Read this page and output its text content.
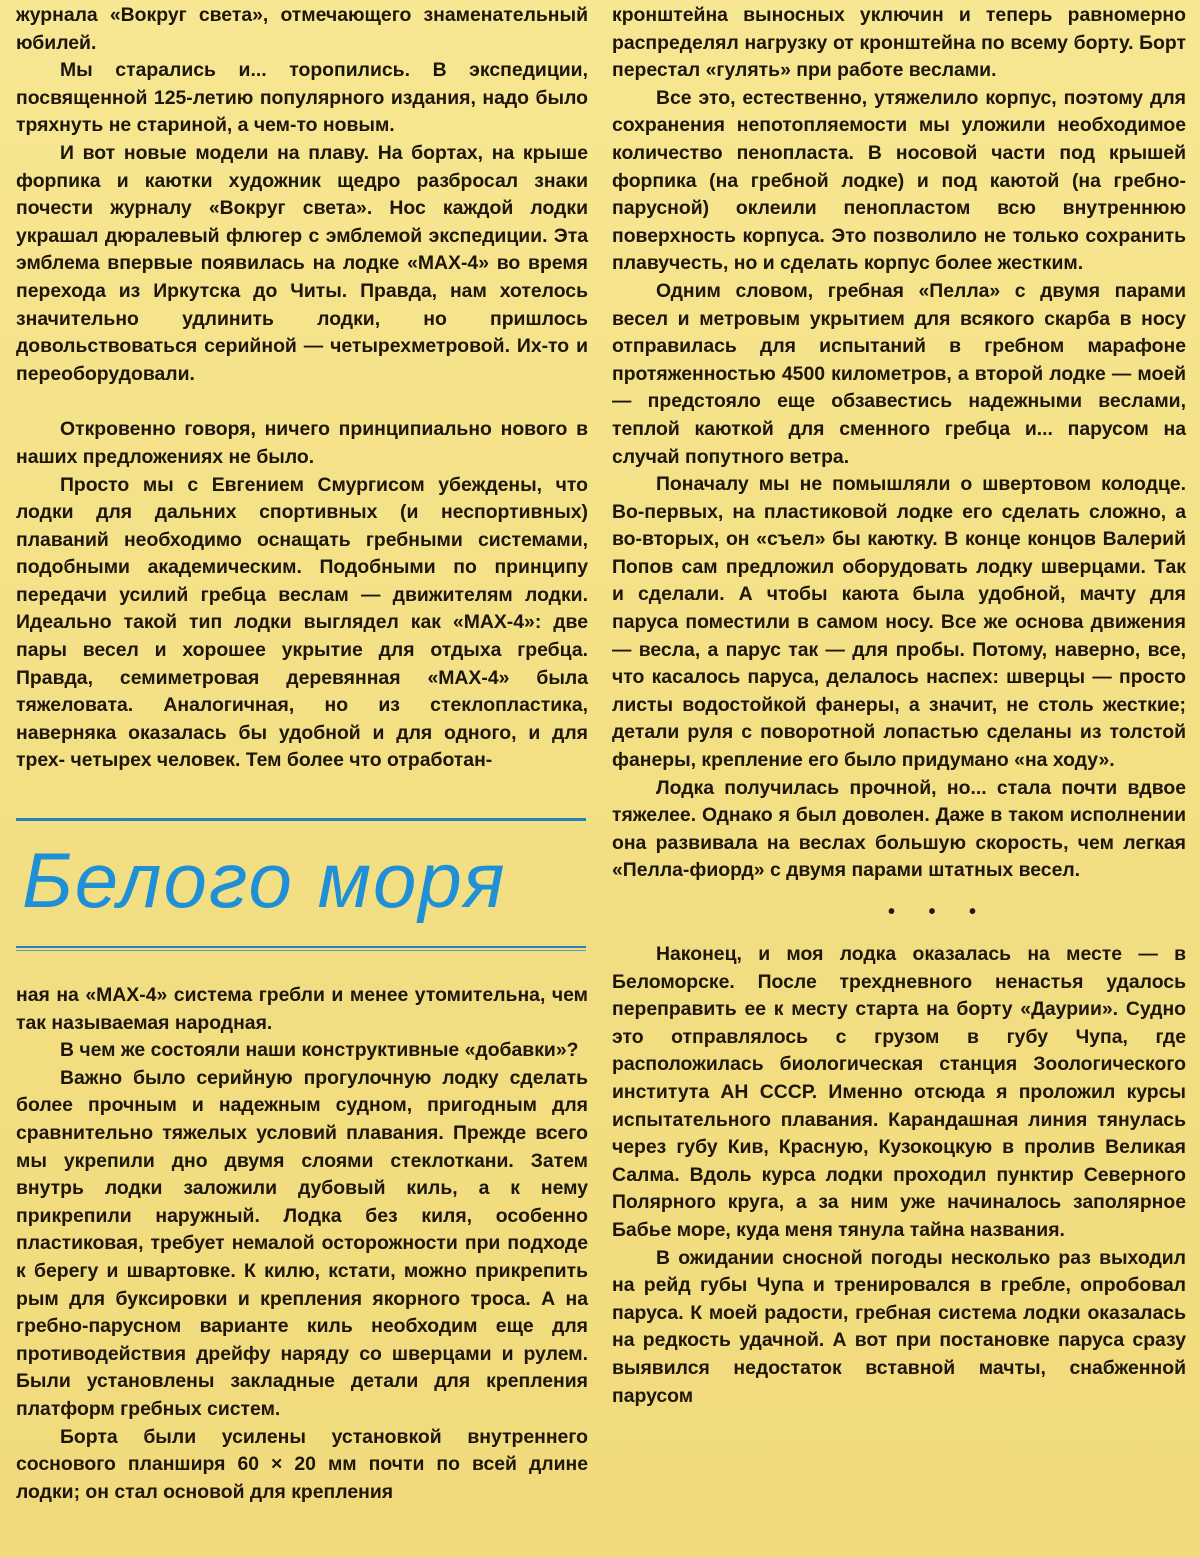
журнала «Вокруг света», отмечающего знаменательный юбилей.

Мы старались и... торопились. В экспедиции, посвященной 125-летию популярного издания, надо было тряхнуть не стариной, а чем-то новым.

И вот новые модели на плаву. На бортах, на крыше форпика и каютки художник щедро разбросал знаки почести журналу «Вокруг света». Нос каждой лодки украшал дюралевый флюгер с эмблемой экспедиции. Эта эмблема впервые появилась на лодке «МАХ-4» во время перехода из Иркутска до Читы. Правда, нам хотелось значительно удлинить лодки, но пришлось довольствоваться серийной — четырехметровой. Их-то и переоборудовали.

Откровенно говоря, ничего принципиально нового в наших предложениях не было.

Просто мы с Евгением Смургисом убеждены, что лодки для дальних спортивных (и неспортивных) плаваний необходимо оснащать гребными системами, подобными академическим. Подобными по принципу передачи усилий гребца веслам — движителям лодки. Идеально такой тип лодки выглядел как «МАХ-4»: две пары весел и хорошее укрытие для отдыха гребца. Правда, семиметровая деревянная «МАХ-4» была тяжеловата. Аналогичная, но из стеклопластика, наверняка оказалась бы удобной и для одного, и для трех- четырех человек. Тем более что отработан-

Белого моря

ная на «МАХ-4» система гребли и менее утомительна, чем так называемая народная.

В чем же состояли наши конструктивные «добавки»?

Важно было серийную прогулочную лодку сделать более прочным и надежным судном, пригодным для сравнительно тяжелых условий плавания. Прежде всего мы укрепили дно двумя слоями стеклоткани. Затем внутрь лодки заложили дубовый киль, а к нему прикрепили наружный. Лодка без киля, особенно пластиковая, требует немалой осторожности при подходе к берегу и швартовке. К килю, кстати, можно прикрепить рым для буксировки и крепления якорного троса. А на гребно-парусном варианте киль необходим еще для противодействия дрейфу наряду со шверцами и рулем. Были установлены закладные детали для крепления платформ гребных систем.

Борта были усилены установкой внутреннего соснового планширя 60 × 20 мм почти по всей длине лодки; он стал основой для крепления

кронштейна выносных уключин и теперь равномерно распределял нагрузку от кронштейна по всему борту. Борт перестал «гулять» при работе веслами.

Все это, естественно, утяжелило корпус, поэтому для сохранения непотопляемости мы уложили необходимое количество пенопласта. В носовой части под крышей форпика (на гребной лодке) и под каютой (на гребно-парусной) оклеили пенопластом всю внутреннюю поверхность корпуса. Это позволило не только сохранить плавучесть, но и сделать корпус более жестким.

Одним словом, гребная «Пелла» с двумя парами весел и метровым укрытием для всякого скарба в носу отправилась для испытаний в гребном марафоне протяженностью 4500 километров, а второй лодке — моей — предстояло еще обзавестись надежными веслами, теплой каюткой для сменного гребца и... парусом на случай попутного ветра.

Поначалу мы не помышляли о швертовом колодце. Во-первых, на пластиковой лодке его сделать сложно, а во-вторых, он «съел» бы каютку. В конце концов Валерий Попов сам предложил оборудовать лодку шверцами. Так и сделали. А чтобы каюта была удобной, мачту для паруса поместили в самом носу. Все же основа движения — весла, а парус так — для пробы. Потому, наверно, все, что касалось паруса, делалось наспех: шверцы — просто листы водостойкой фанеры, а значит, не столь жесткие; детали руля с поворотной лопастью сделаны из толстой фанеры, крепление его было придумано «на ходу».

Лодка получилась прочной, но... стала почти вдвое тяжелее. Однако я был доволен. Даже в таком исполнении она развивала на веслах большую скорость, чем легкая «Пелла-фиорд» с двумя парами штатных весел.

• • •

Наконец, и моя лодка оказалась на месте — в Беломорске. После трехдневного ненастья удалось переправить ее к месту старта на борту «Даурии». Судно это отправлялось с грузом в губу Чупа, где расположилась биологическая станция Зоологического института АН СССР. Именно отсюда я проложил курсы испытательного плавания. Карандашная линия тянулась через губу Кив, Красную, Кузокоцкую в пролив Великая Салма. Вдоль курса лодки проходил пунктир Северного Полярного круга, а за ним уже начиналось заполярное Бабье море, куда меня тянула тайна названия.

В ожидании сносной погоды несколько раз выходил на рейд губы Чупа и тренировался в гребле, опробовал паруса. К моей радости, гребная система лодки оказалась на редкость удачной. А вот при постановке паруса сразу выявился недостаток вставной мачты, снабженной парусом
